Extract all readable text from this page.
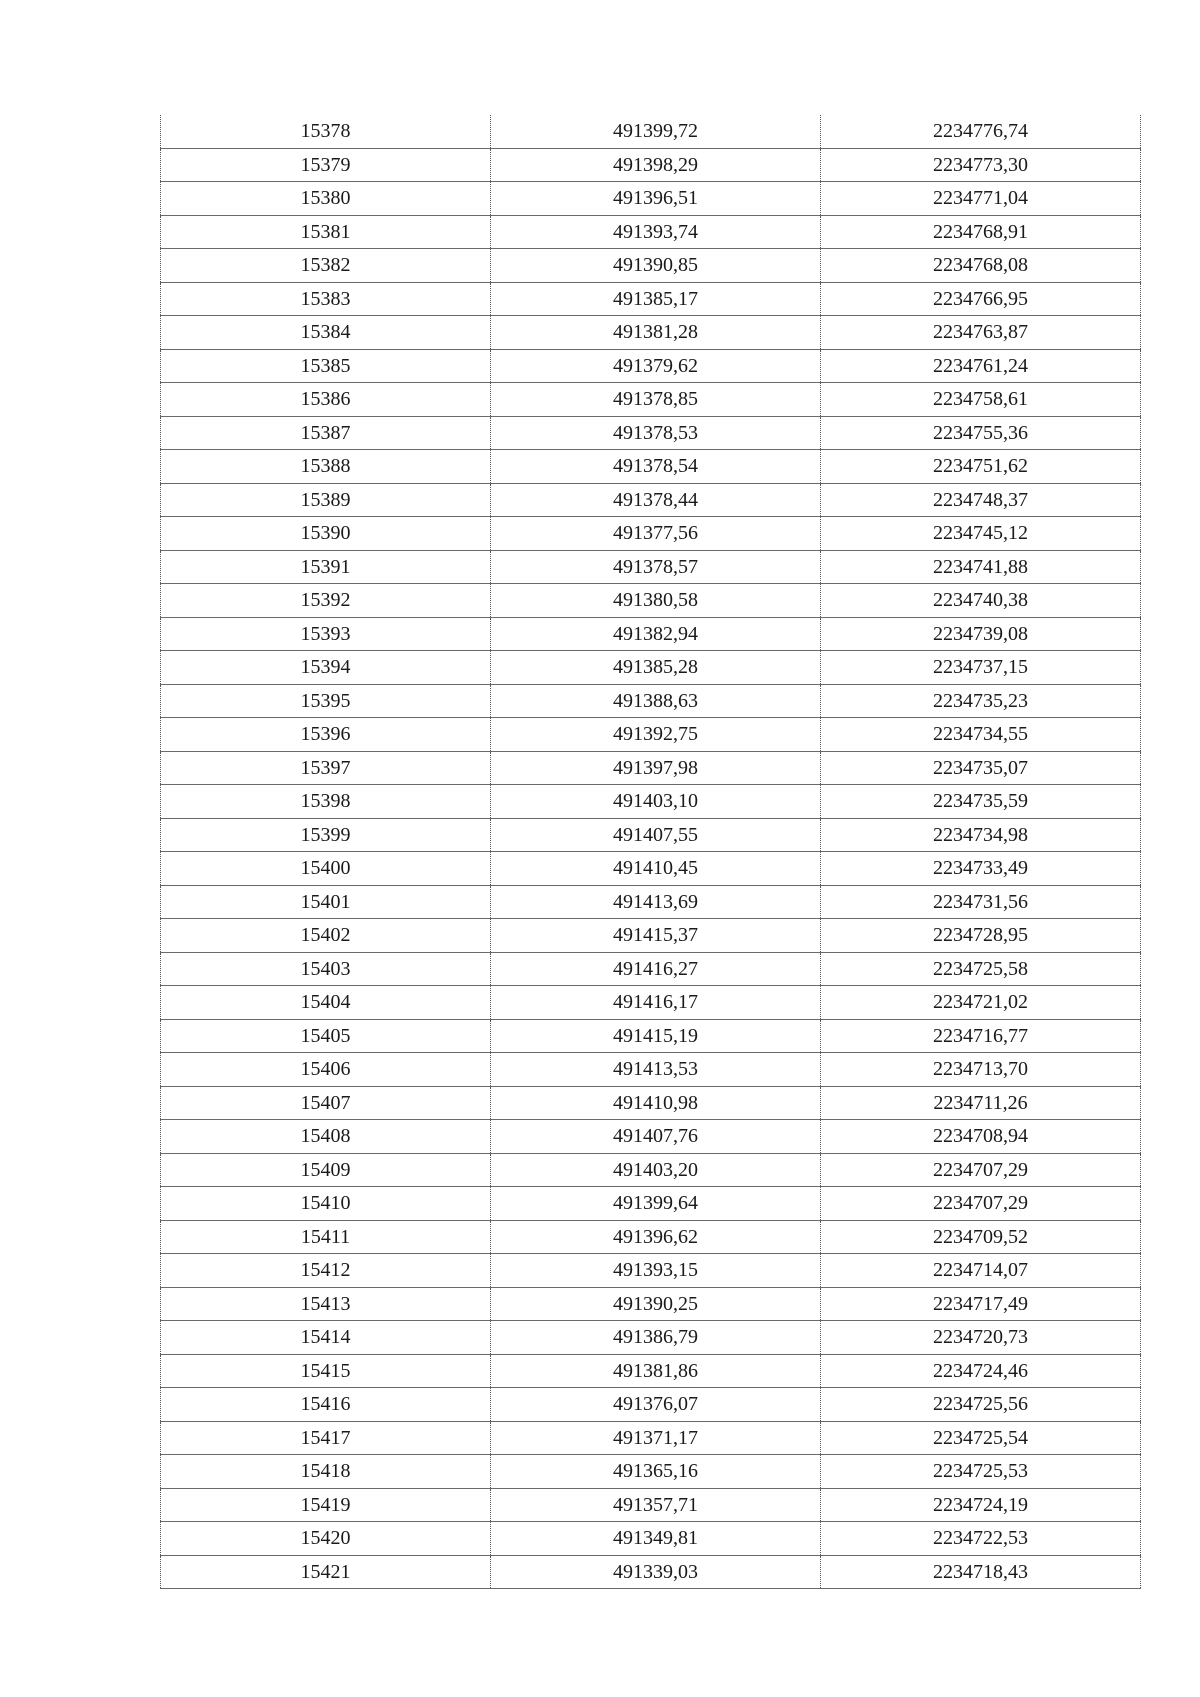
15378	491399,72	2234776,74
15379	491398,29	2234773,30
15380	491396,51	2234771,04
15381	491393,74	2234768,91
15382	491390,85	2234768,08
15383	491385,17	2234766,95
15384	491381,28	2234763,87
15385	491379,62	2234761,24
15386	491378,85	2234758,61
15387	491378,53	2234755,36
15388	491378,54	2234751,62
15389	491378,44	2234748,37
15390	491377,56	2234745,12
15391	491378,57	2234741,88
15392	491380,58	2234740,38
15393	491382,94	2234739,08
15394	491385,28	2234737,15
15395	491388,63	2234735,23
15396	491392,75	2234734,55
15397	491397,98	2234735,07
15398	491403,10	2234735,59
15399	491407,55	2234734,98
15400	491410,45	2234733,49
15401	491413,69	2234731,56
15402	491415,37	2234728,95
15403	491416,27	2234725,58
15404	491416,17	2234721,02
15405	491415,19	2234716,77
15406	491413,53	2234713,70
15407	491410,98	2234711,26
15408	491407,76	2234708,94
15409	491403,20	2234707,29
15410	491399,64	2234707,29
15411	491396,62	2234709,52
15412	491393,15	2234714,07
15413	491390,25	2234717,49
15414	491386,79	2234720,73
15415	491381,86	2234724,46
15416	491376,07	2234725,56
15417	491371,17	2234725,54
15418	491365,16	2234725,53
15419	491357,71	2234724,19
15420	491349,81	2234722,53
15421	491339,03	2234718,43
